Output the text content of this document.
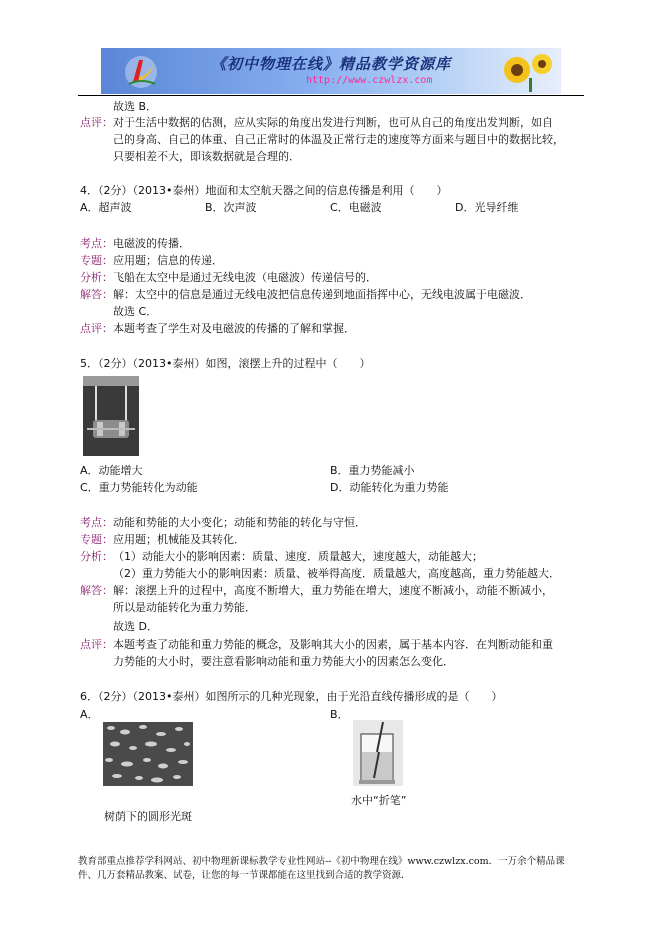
《初中物理在线》精品教学资源库
http://www.czwlzx.com
故选 B．
点评： 对于生活中数据的估测，应从实际的角度出发进行判断，也可从自己的角度出发判断，如自
己的身高、自己的体重、自己正常时的体温及正常行走的速度等方面来与题目中的数据比较，
只要相差不大，即该数据就是合理的．
4．（2分）（2013•泰州）地面和太空航天器之间的信息传播是利用（　　）
A．超声波	B．次声波	C．电磁波	D．光导纤维
考点： 电磁波的传播．
专题： 应用题；信息的传递．
分析： 飞船在太空中是通过无线电波（电磁波）传递信号的．
解答： 解：太空中的信息是通过无线电波把信息传递到地面指挥中心，无线电波属于电磁波．
故选 C．
点评： 本题考查了学生对及电磁波的传播的了解和掌握．
5．（2分）（2013•泰州）如图，滚摆上升的过程中（　　）
A．动能增大	B．重力势能减小
C．重力势能转化为动能	D．动能转化为重力势能
考点： 动能和势能的大小变化；动能和势能的转化与守恒．
专题： 应用题；机械能及其转化．
分析： （1）动能大小的影响因素：质量、速度．质量越大，速度越大，动能越大；
（2）重力势能大小的影响因素：质量、被举得高度．质量越大，高度越高，重力势能越大．
解答： 解：滚摆上升的过程中，高度不断增大，重力势能在增大，速度不断减小，动能不断减小，
所以是动能转化为重力势能．
故选 D．
点评： 本题考查了动能和重力势能的概念，及影响其大小的因素，属于基本内容．在判断动能和重
力势能的大小时，要注意看影响动能和重力势能大小的因素怎么变化．
6．（2分）（2013•泰州）如图所示的几种光现象，由于光沿直线传播形成的是（　　）
A．	B．
树荫下的圆形光斑
水中“折笔”
教育部重点推荐学科网站、初中物理新课标教学专业性网站--《初中物理在线》www.czwlzx.com．一万余个精品课
件、几万套精品教案、试卷，让您的每一节课都能在这里找到合适的教学资源．
